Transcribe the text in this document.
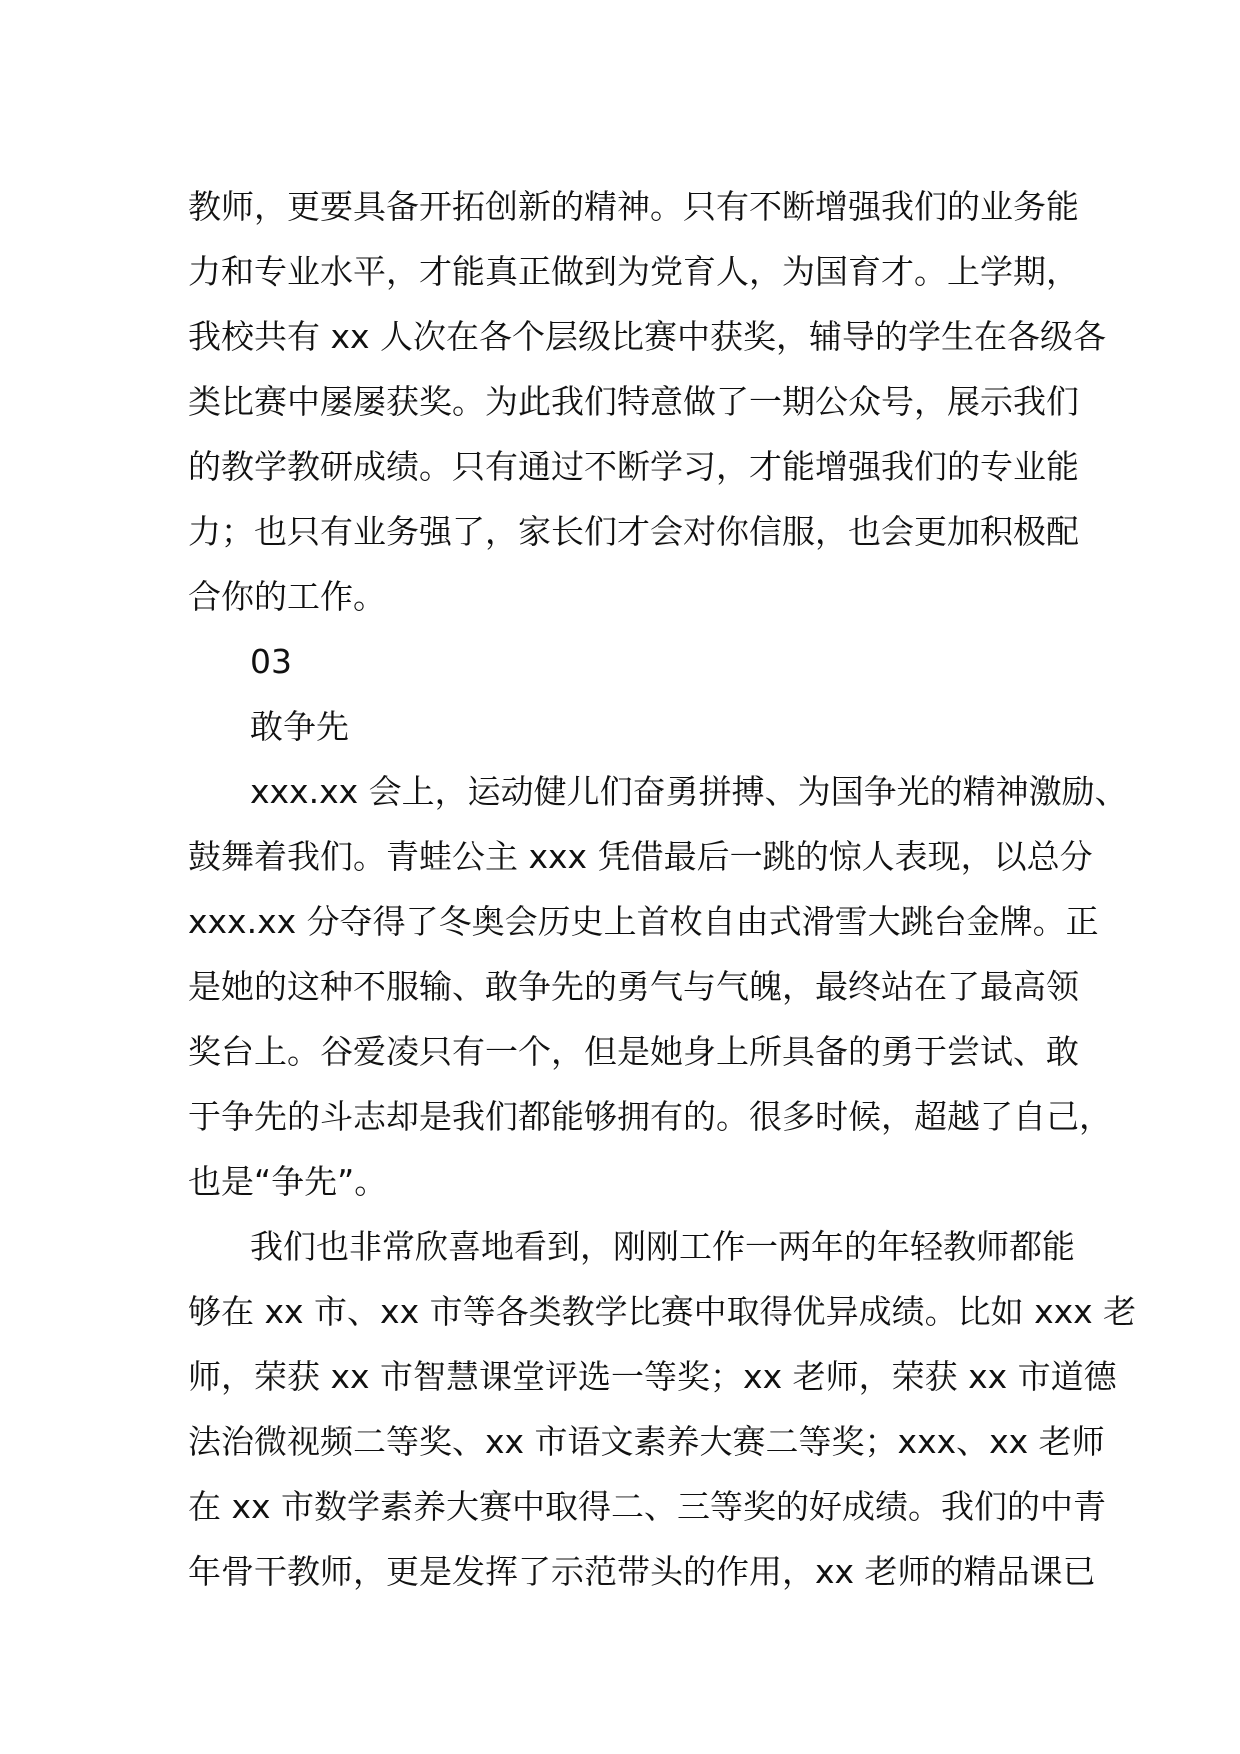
教师，更要具备开拓创新的精神。只有不断增强我们的业务能
力和专业水平，才能真正做到为党育人，为国育才。上学期，
我校共有 xx 人次在各个层级比赛中获奖，辅导的学生在各级各
类比赛中屡屡获奖。为此我们特意做了一期公众号，展示我们
的教学教研成绩。只有通过不断学习，才能增强我们的专业能
力；也只有业务强了，家长们才会对你信服，也会更加积极配
合你的工作。

03

敢争先

xxx.xx 会上，运动健儿们奋勇拼搏、为国争光的精神激励、
鼓舞着我们。青蛙公主 xxx 凭借最后一跳的惊人表现，以总分
xxx.xx 分夺得了冬奥会历史上首枚自由式滑雪大跳台金牌。正
是她的这种不服输、敢争先的勇气与气魄，最终站在了最高领
奖台上。谷爱凌只有一个，但是她身上所具备的勇于尝试、敢
于争先的斗志却是我们都能够拥有的。很多时候，超越了自己，
也是“争先”。

我们也非常欣喜地看到，刚刚工作一两年的年轻教师都能
够在 xx 市、xx 市等各类教学比赛中取得优异成绩。比如 xxx 老
师，荣获 xx 市智慧课堂评选一等奖；xx 老师，荣获 xx 市道德
法治微视频二等奖、xx 市语文素养大赛二等奖；xxx、xx 老师
在 xx 市数学素养大赛中取得二、三等奖的好成绩。我们的中青
年骨干教师，更是发挥了示范带头的作用，xx 老师的精品课已
